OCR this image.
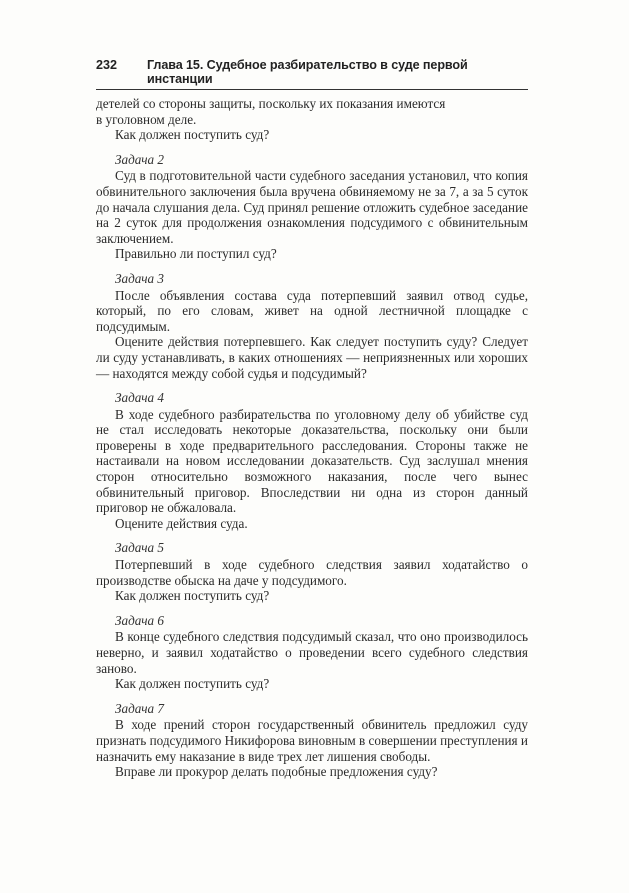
232 Глава 15. Судебное разбирательство в суде первой инстанции

детелей со стороны защиты, поскольку их показания имеются

в уголовном деле.

Как должен поступить суд?

Задача 2

Суд в подготовительной части судебного заседания установил, что копия обвинительного заключения была вручена обвиняемому не за 7, а за 5 суток до начала слушания дела. Суд принял решение отложить судебное заседание на 2 суток для продолжения ознакомления подсудимого с обвинительным заключением.

Правильно ли поступил суд?

Задача 3

После объявления состава суда потерпевший заявил отвод судье, который, по его словам, живет на одной лестничной площадке с подсудимым.

Оцените действия потерпевшего. Как следует поступить суду? Следует ли суду устанавливать, в каких отношениях — неприязненных или хороших — находятся между собой судья и подсудимый?

Задача 4

В ходе судебного разбирательства по уголовному делу об убийстве суд не стал исследовать некоторые доказательства, поскольку они были проверены в ходе предварительного расследования. Стороны также не настаивали на новом исследовании доказательств. Суд заслушал мнения сторон относительно возможного наказания, после чего вынес обвинительный приговор. Впоследствии ни одна из сторон данный приговор не обжаловала.

Оцените действия суда.

Задача 5

Потерпевший в ходе судебного следствия заявил ходатайство о производстве обыска на даче у подсудимого.

Как должен поступить суд?

Задача 6

В конце судебного следствия подсудимый сказал, что оно производилось неверно, и заявил ходатайство о проведении всего судебного следствия заново.

Как должен поступить суд?

Задача 7

В ходе прений сторон государственный обвинитель предложил суду признать подсудимого Никифорова виновным в совершении преступления и назначить ему наказание в виде трех лет лишения свободы.

Вправе ли прокурор делать подобные предложения суду?
